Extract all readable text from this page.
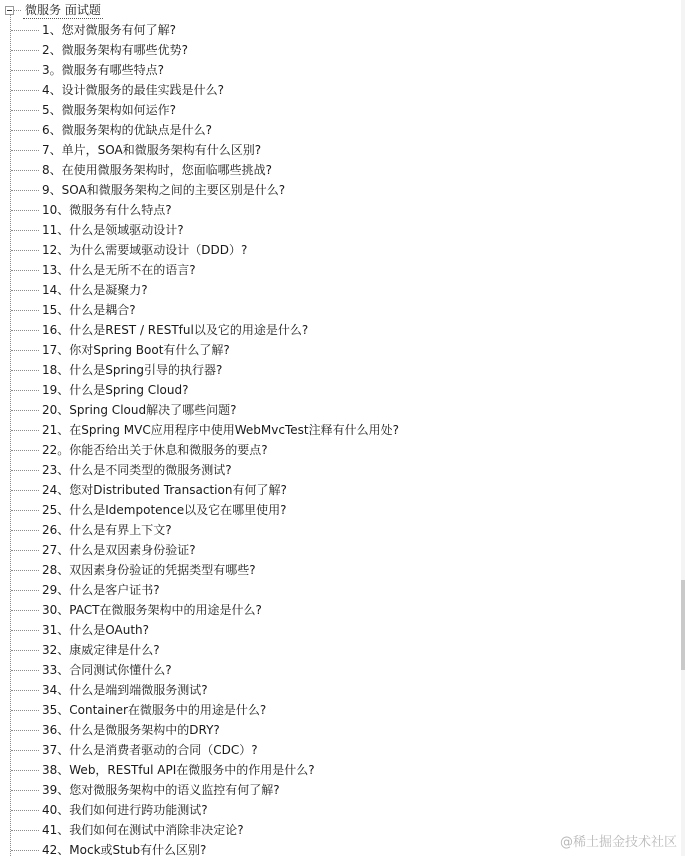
微服务 面试题
1、您对微服务有何了解?
2、微服务架构有哪些优势?
3。微服务有哪些特点?
4、设计微服务的最佳实践是什么?
5、微服务架构如何运作?
6、微服务架构的优缺点是什么?
7、单片，SOA和微服务架构有什么区别?
8、在使用微服务架构时，您面临哪些挑战?
9、SOA和微服务架构之间的主要区别是什么?
10、微服务有什么特点?
11、什么是领域驱动设计?
12、为什么需要域驱动设计（DDD）?
13、什么是无所不在的语言?
14、什么是凝聚力?
15、什么是耦合?
16、什么是REST / RESTful以及它的用途是什么?
17、你对Spring Boot有什么了解?
18、什么是Spring引导的执行器?
19、什么是Spring Cloud?
20、Spring Cloud解决了哪些问题?
21、在Spring MVC应用程序中使用WebMvcTest注释有什么用处?
22。你能否给出关于休息和微服务的要点?
23、什么是不同类型的微服务测试?
24、您对Distributed Transaction有何了解?
25、什么是Idempotence以及它在哪里使用?
26、什么是有界上下文?
27、什么是双因素身份验证?
28、双因素身份验证的凭据类型有哪些?
29、什么是客户证书?
30、PACT在微服务架构中的用途是什么?
31、什么是OAuth?
32、康威定律是什么?
33、合同测试你懂什么?
34、什么是端到端微服务测试?
35、Container在微服务中的用途是什么?
36、什么是微服务架构中的DRY?
37、什么是消费者驱动的合同（CDC）?
38、Web，RESTful API在微服务中的作用是什么?
39、您对微服务架构中的语义监控有何了解?
40、我们如何进行跨功能测试?
41、我们如何在测试中消除非决定论?
42、Mock或Stub有什么区别?	@稀土掘金技术社区
